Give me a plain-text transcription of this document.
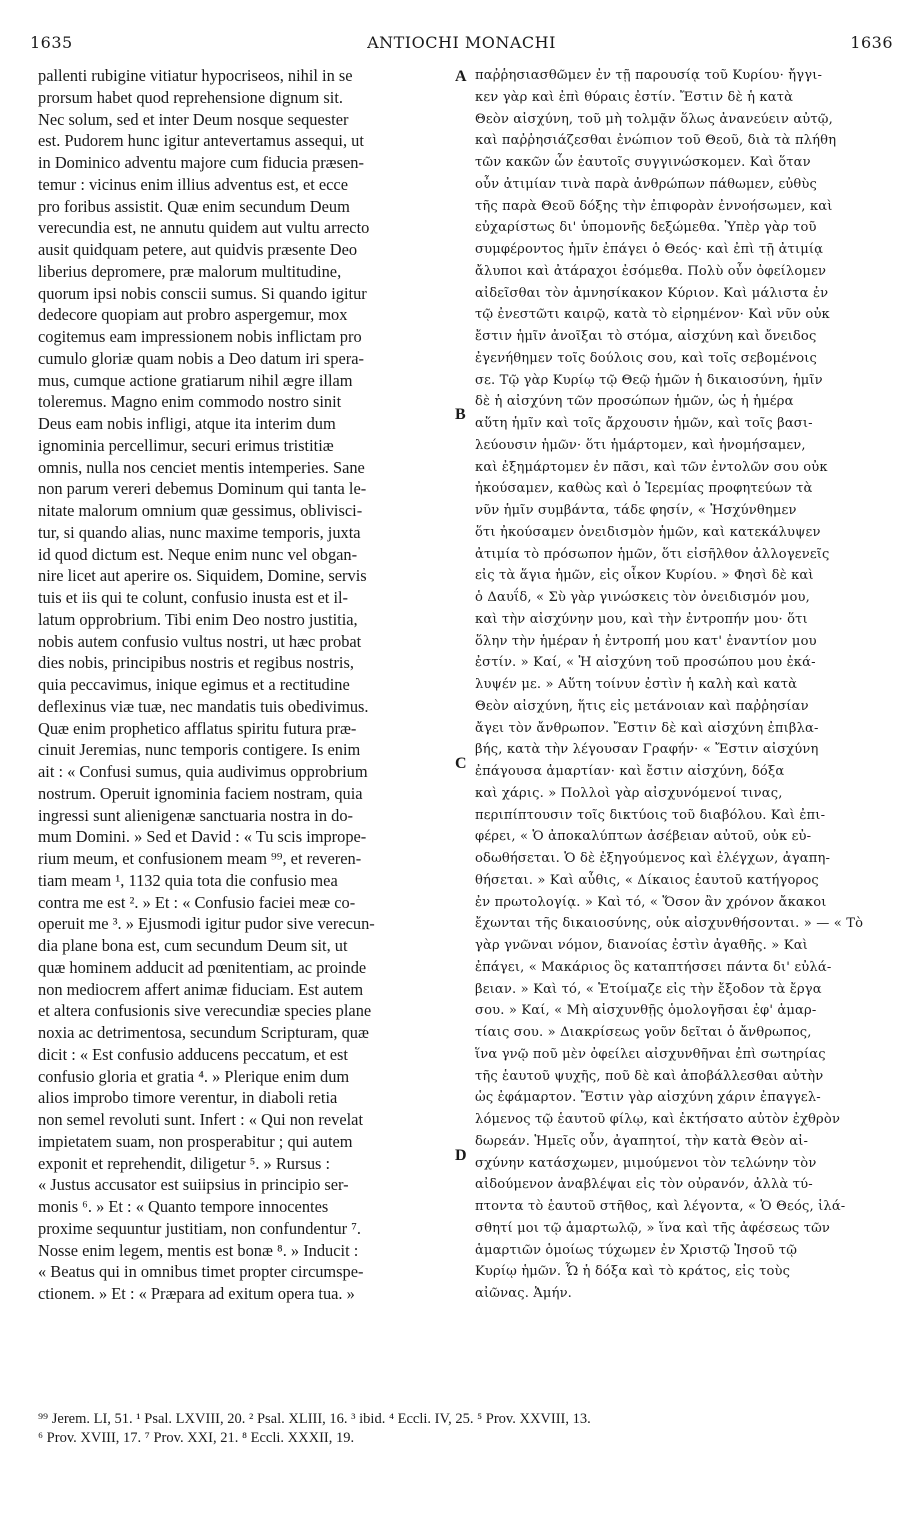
1635	ANTIOCHI MONACHI	1636
pallenti rubigine vitiatur hypocriseos, nihil in se
prorsum habet quod reprehensione dignum sit.
Nec solum, sed et inter Deum nosque sequester
est. Pudorem hunc igitur antevertamus assequi, ut
in Dominico adventu majore cum fiducia præsen-
temur : vicinus enim illius adventus est, et ecce
pro foribus assistit. Quæ enim secundum Deum
verecundia est, ne annutu quidem aut vultu arrecto
ausit quidquam petere, aut quidvis præsente Deo
liberius depromere, præ malorum multitudine,
quorum ipsi nobis conscii sumus. Si quando igitur
dedecore quopiam aut probro aspergemur, mox
cogitemus eam impressionem nobis inflictam pro
cumulo gloriæ quam nobis a Deo datum iri spera-
mus, cumque actione gratiarum nihil ægre illam
toleremus. Magno enim commodo nostro sinit
Deus eam nobis infligi, atque ita interim dum
ignominia percellimur, securi erimus tristitiæ
omnis, nulla nos cenciet mentis intemperies. Sane
non parum vereri debemus Dominum qui tanta le-
nitate malorum omnium quæ gessimus, oblivisci-
tur, si quando alias, nunc maxime temporis, juxta
id quod dictum est. Neque enim nunc vel obgan-
nire licet aut aperire os. Siquidem, Domine, servis
tuis et iis qui te colunt, confusio inusta est et il-
latum opprobrium. Tibi enim Deo nostro justitia,
nobis autem confusio vultus nostri, ut hæc probat
dies nobis, principibus nostris et regibus nostris,
quia peccavimus, inique egimus et a rectitudine
deflexinus viæ tuæ, nec mandatis tuis obedivimus.
Quæ enim prophetico afflatus spiritu futura præ-
cinuit Jeremias, nunc temporis contigere. Is enim
ait : « Confusi sumus, quia audivimus opprobrium
nostrum. Operuit ignominia faciem nostram, quia
ingressi sunt alienigenæ sanctuaria nostra in do-
mum Domini. » Sed et David : « Tu scis impropе-
rium meum, et confusionem meam ⁹⁹, et reveren-
tiam meam ¹, 1132 quia tota die confusio mea
contra me est ². » Et : « Confusio faciei meæ co-
operuit me ³. » Ejusmodi igitur pudor sive verecun-
dia plane bona est, cum secundum Deum sit, ut
quæ hominem adducit ad pœnitentiam, ac proinde
non mediocrem affert animæ fiduciam. Est autem
et altera confusionis sive verecundiæ species plane
noxia ac detrimentosa, secundum Scripturam, quæ
dicit : « Est confusio adducens peccatum, et est
confusio gloria et gratia ⁴. » Plerique enim dum
alios improbo timore verentur, in diaboli retia
non semel revoluti sunt. Infert : « Qui non revelat
impietatem suam, non prosperabitur ; qui autem
exponit et reprehendit, diligetur ⁵. » Rursus :
« Justus accusator est suiipsius in principio ser-
monis ⁶. » Et : « Quanto tempore innocentes
proxime sequuntur justitiam, non confundentur ⁷.
Nosse enim legem, mentis est bonæ ⁸. » Inducit :
« Beatus qui in omnibus timet propter circumspe-
ctionem. » Et : « Præpara ad exitum opera tua. »
παῤῥησιασθῶμεν ἐν τῇ παρουσίᾳ τοῦ Κυρίου· ἤγγι-
κεν γὰρ καὶ ἐπὶ θύραις ἐστίν. Ἔστιν δὲ ἡ κατὰ
Θεὸν αἰσχύνη, τοῦ μὴ τολμᾷν ὅλως ἀνανεύειν αὐτῷ,
καὶ παῤῥησιάζεσθαι ἐνώπιον τοῦ Θεοῦ, διὰ τὰ πλήθη
τῶν κακῶν ὧν ἑαυτοῖς συγγινώσκομεν. Καὶ ὅταν
οὖν ἀτιμίαν τινὰ παρὰ ἀνθρώπων πάθωμεν, εὐθὺς
τῆς παρὰ Θεοῦ δόξης τὴν ἐπιφορὰν ἐννοήσωμεν, καὶ
εὐχαρίστως δι' ὑπομονῆς δεξώμεθα. Ὑπὲρ γὰρ τοῦ
συμφέροντος ἡμῖν ἐπάγει ὁ Θεός· καὶ ἐπὶ τῇ ἀτιμίᾳ
ἄλυποι καὶ ἀτάραχοι ἐσόμεθα. Πολὺ οὖν ὀφείλομεν
αἰδεῖσθαι τὸν ἀμνησίκακον Κύριον. Καὶ μάλιστα ἐν
τῷ ἐνεστῶτι καιρῷ, κατὰ τὸ εἰρημένον· Καὶ νῦν οὐκ
ἔστιν ἡμῖν ἀνοῖξαι τὸ στόμα, αἰσχύνη καὶ ὄνειδος
ἐγενήθημεν τοῖς δούλοις σου, καὶ τοῖς σεβομένοις
σε. Τῷ γὰρ Κυρίῳ τῷ Θεῷ ἡμῶν ἡ δικαιοσύνη, ἡμῖν
δὲ ἡ αἰσχύνη τῶν προσώπων ἡμῶν, ὡς ἡ ἡμέρα
αὕτη ἡμῖν καὶ τοῖς ἄρχουσιν ἡμῶν, καὶ τοῖς βασι-
λεύουσιν ἡμῶν· ὅτι ἡμάρτομεν, καὶ ἠνομήσαμεν,
καὶ ἐξημάρτομεν ἐν πᾶσι, καὶ τῶν ἐντολῶν σου οὐκ
ἠκούσαμεν, καθὼς καὶ ὁ Ἱερεμίας προφητεύων τὰ
νῦν ἡμῖν συμβάντα, τάδε φησίν, « Ἠσχύνθημεν
ὅτι ἠκούσαμεν ὀνειδισμὸν ἡμῶν, καὶ κατεκάλυψεν
ἀτιμία τὸ πρόσωπον ἡμῶν, ὅτι εἰσῆλθον ἀλλογενεῖς
εἰς τὰ ἅγια ἡμῶν, εἰς οἶκον Κυρίου. » Φησὶ δὲ καὶ
ὁ Δαυΐδ, « Σὺ γὰρ γινώσκεις τὸν ὀνειδισμόν μου,
καὶ τὴν αἰσχύνην μου, καὶ τὴν ἐντροπήν μου· ὅτι
ὅλην τὴν ἡμέραν ἡ ἐντροπή μου κατ' ἐναντίον μου
ἐστίν. » Καί, « Ἡ αἰσχύνη τοῦ προσώπου μου ἐκά-
λυψέν με. » Αὕτη τοίνυν ἐστὶν ἡ καλὴ καὶ κατὰ
Θεὸν αἰσχύνη, ἥτις εἰς μετάνοιαν καὶ παῤῥησίαν
ἄγει τὸν ἄνθρωπον. Ἔστιν δὲ καὶ αἰσχύνη ἐπιβλα-
βής, κατὰ τὴν λέγουσαν Γραφήν· « Ἔστιν αἰσχύνη
ἐπάγουσα ἁμαρτίαν· καὶ ἔστιν αἰσχύνη, δόξα
καὶ χάρις. » Πολλοὶ γὰρ αἰσχυνόμενοί τινας,
περιπίπτουσιν τοῖς δικτύοις τοῦ διαβόλου. Καὶ ἐπι-
φέρει, « Ὁ ἀποκαλύπτων ἀσέβειαν αὐτοῦ, οὐκ εὐ-
οδωθήσεται. Ὁ δὲ ἐξηγούμενος καὶ ἐλέγχων, ἀγαπη-
θήσεται. » Καὶ αὖθις, « Δίκαιος ἑαυτοῦ κατήγορος
ἐν πρωτολογίᾳ. » Καὶ τό, « Ὅσον ἂν χρόνον ἄκακοι
ἔχωνται τῆς δικαιοσύνης, οὐκ αἰσχυνθήσονται. » — « Τὸ
γὰρ γνῶναι νόμον, διανοίας ἐστὶν ἀγαθῆς. » Καὶ
ἐπάγει, « Μακάριος ὃς καταπτήσσει πάντα δι' εὐλά-
βειαν. » Καὶ τό, « Ἑτοίμαζε εἰς τὴν ἔξοδον τὰ ἔργα
σου. » Καί, « Μὴ αἰσχυνθῇς ὁμολογῆσαι ἐφ' ἁμαρ-
τίαις σου. » Διακρίσεως γοῦν δεῖται ὁ ἄνθρωπος,
ἵνα γνῷ ποῦ μὲν ὀφείλει αἰσχυνθῆναι ἐπὶ σωτηρίας
τῆς ἑαυτοῦ ψυχῆς, ποῦ δὲ καὶ ἀποβάλλεσθαι αὐτὴν
ὡς ἐφάμαρτον. Ἔστιν γὰρ αἰσχύνη χάριν ἐπαγγελ-
λόμενος τῷ ἑαυτοῦ φίλῳ, καὶ ἐκτήσατο αὐτὸν ἐχθρὸν
δωρεάν. Ἡμεῖς οὖν, ἀγαπητοί, τὴν κατὰ Θεὸν αἰ-
σχύνην κατάσχωμεν, μιμούμενοι τὸν τελώνην τὸν
αἰδούμενον ἀναβλέψαι εἰς τὸν οὐρανόν, ἀλλὰ τύ-
πτοντα τὸ ἑαυτοῦ στῆθος, καὶ λέγοντα, « Ὁ Θεός, ἱλά-
σθητί μοι τῷ ἁμαρτωλῷ, » ἵνα καὶ τῆς ἀφέσεως τῶν
ἁμαρτιῶν ὁμοίως τύχωμεν ἐν Χριστῷ Ἰησοῦ τῷ
Κυρίῳ ἡμῶν. Ὧ ἡ δόξα καὶ τὸ κράτος, εἰς τοὺς
αἰῶνας. Ἀμήν.
A
B
C
D
⁹⁹ Jerem. LI, 51. ¹ Psal. LXVIII, 20. ² Psal. XLIII, 16. ³ ibid. ⁴ Eccli. IV, 25. ⁵ Prov. XXVIII, 13.
⁶ Prov. XVIII, 17. ⁷ Prov. XXI, 21. ⁸ Eccli. XXXII, 19.
